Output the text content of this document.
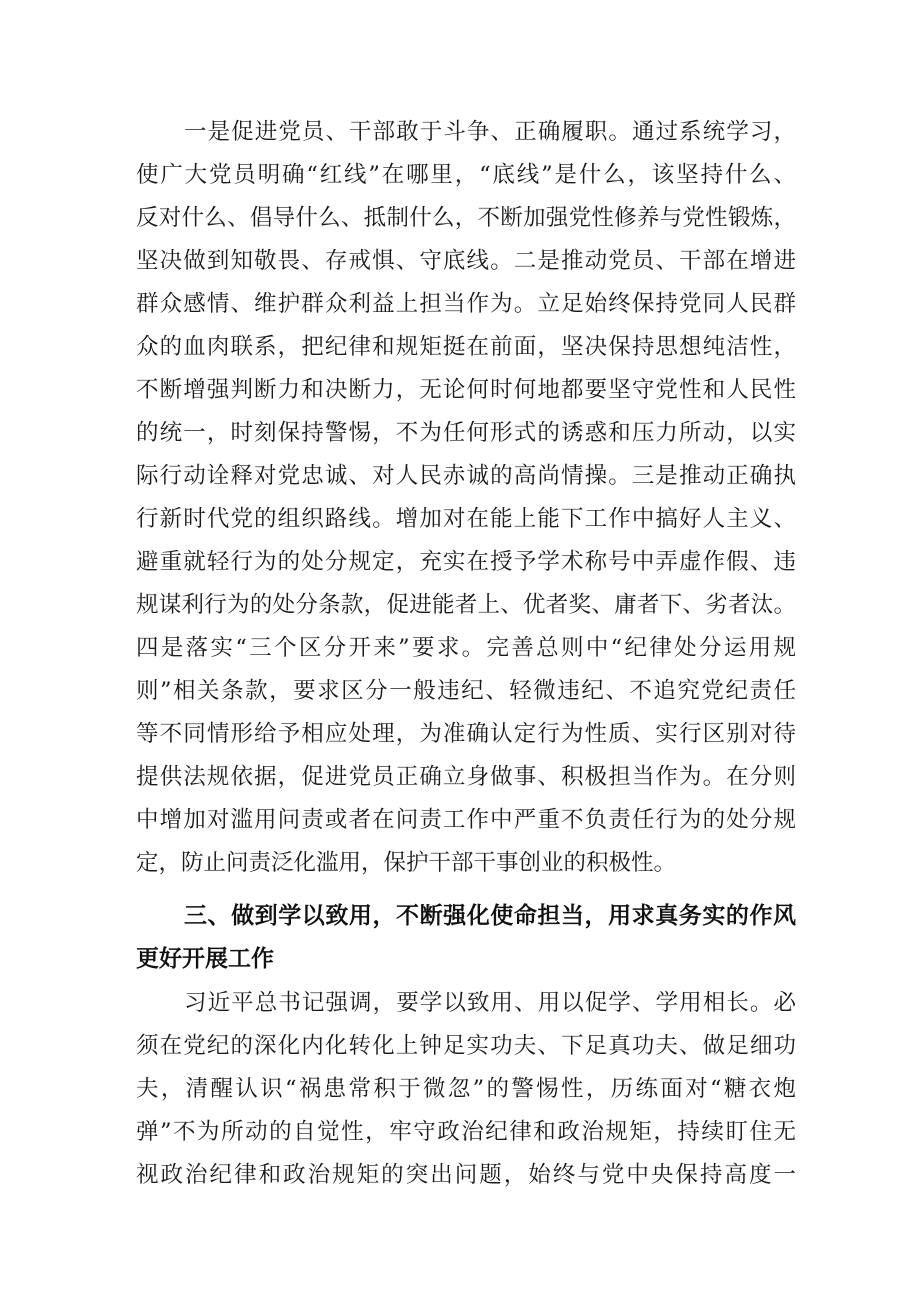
一是促进党员、干部敢于斗争、正确履职。通过系统学习，
使广大党员明确“红线”在哪里，“底线”是什么，该坚持什么、
反对什么、倡导什么、抵制什么，不断加强党性修养与党性锻炼，
坚决做到知敬畏、存戒惧、守底线。二是推动党员、干部在增进
群众感情、维护群众利益上担当作为。立足始终保持党同人民群
众的血肉联系，把纪律和规矩挺在前面，坚决保持思想纯洁性，
不断增强判断力和决断力，无论何时何地都要坚守党性和人民性
的统一，时刻保持警惕，不为任何形式的诱惑和压力所动，以实
际行动诠释对党忠诚、对人民赤诚的高尚情操。三是推动正确执
行新时代党的组织路线。增加对在能上能下工作中搞好人主义、
避重就轻行为的处分规定，充实在授予学术称号中弄虚作假、违
规谋利行为的处分条款，促进能者上、优者奖、庸者下、劣者汰。
四是落实“三个区分开来”要求。完善总则中“纪律处分运用规
则”相关条款，要求区分一般违纪、轻微违纪、不追究党纪责任
等不同情形给予相应处理，为准确认定行为性质、实行区别对待
提供法规依据，促进党员正确立身做事、积极担当作为。在分则
中增加对滥用问责或者在问责工作中严重不负责任行为的处分规
定，防止问责泛化滥用，保护干部干事创业的积极性。
三、做到学以致用，不断强化使命担当，用求真务实的作风
更好开展工作
习近平总书记强调，要学以致用、用以促学、学用相长。必
须在党纪的深化内化转化上钟足实功夫、下足真功夫、做足细功
夫，清醒认识“祸患常积于微忽”的警惕性，历练面对“糖衣炮
弹”不为所动的自觉性，牢守政治纪律和政治规矩，持续盯住无
视政治纪律和政治规矩的突出问题，始终与党中央保持高度一
